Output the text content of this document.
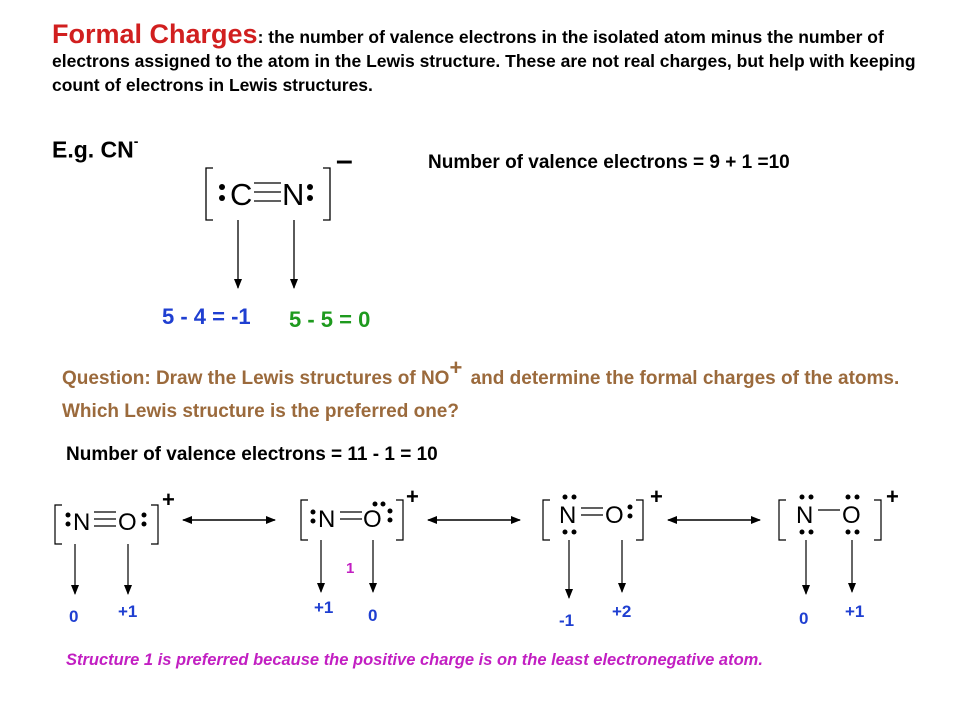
Formal Charges: the number of valence electrons in the isolated atom minus the number of electrons assigned to the atom in the Lewis structure. These are not real charges, but help with keeping count of electrons in Lewis structures.
E.g. CN-
Number of valence electrons = 9 + 1 =10
Question: Draw the Lewis structures of NO+ and determine the formal charges of the atoms. Which Lewis structure is the preferred one?
Number of valence electrons = 11 - 1 = 10
C N
–
5 - 4 = -1 5 - 5 = 0
N O
+
0 +1
N O
+
1
+1 0
N O
+
-1 +2
N O
+
0 +1
Structure 1 is preferred because the positive charge is on the least electronegative atom.
